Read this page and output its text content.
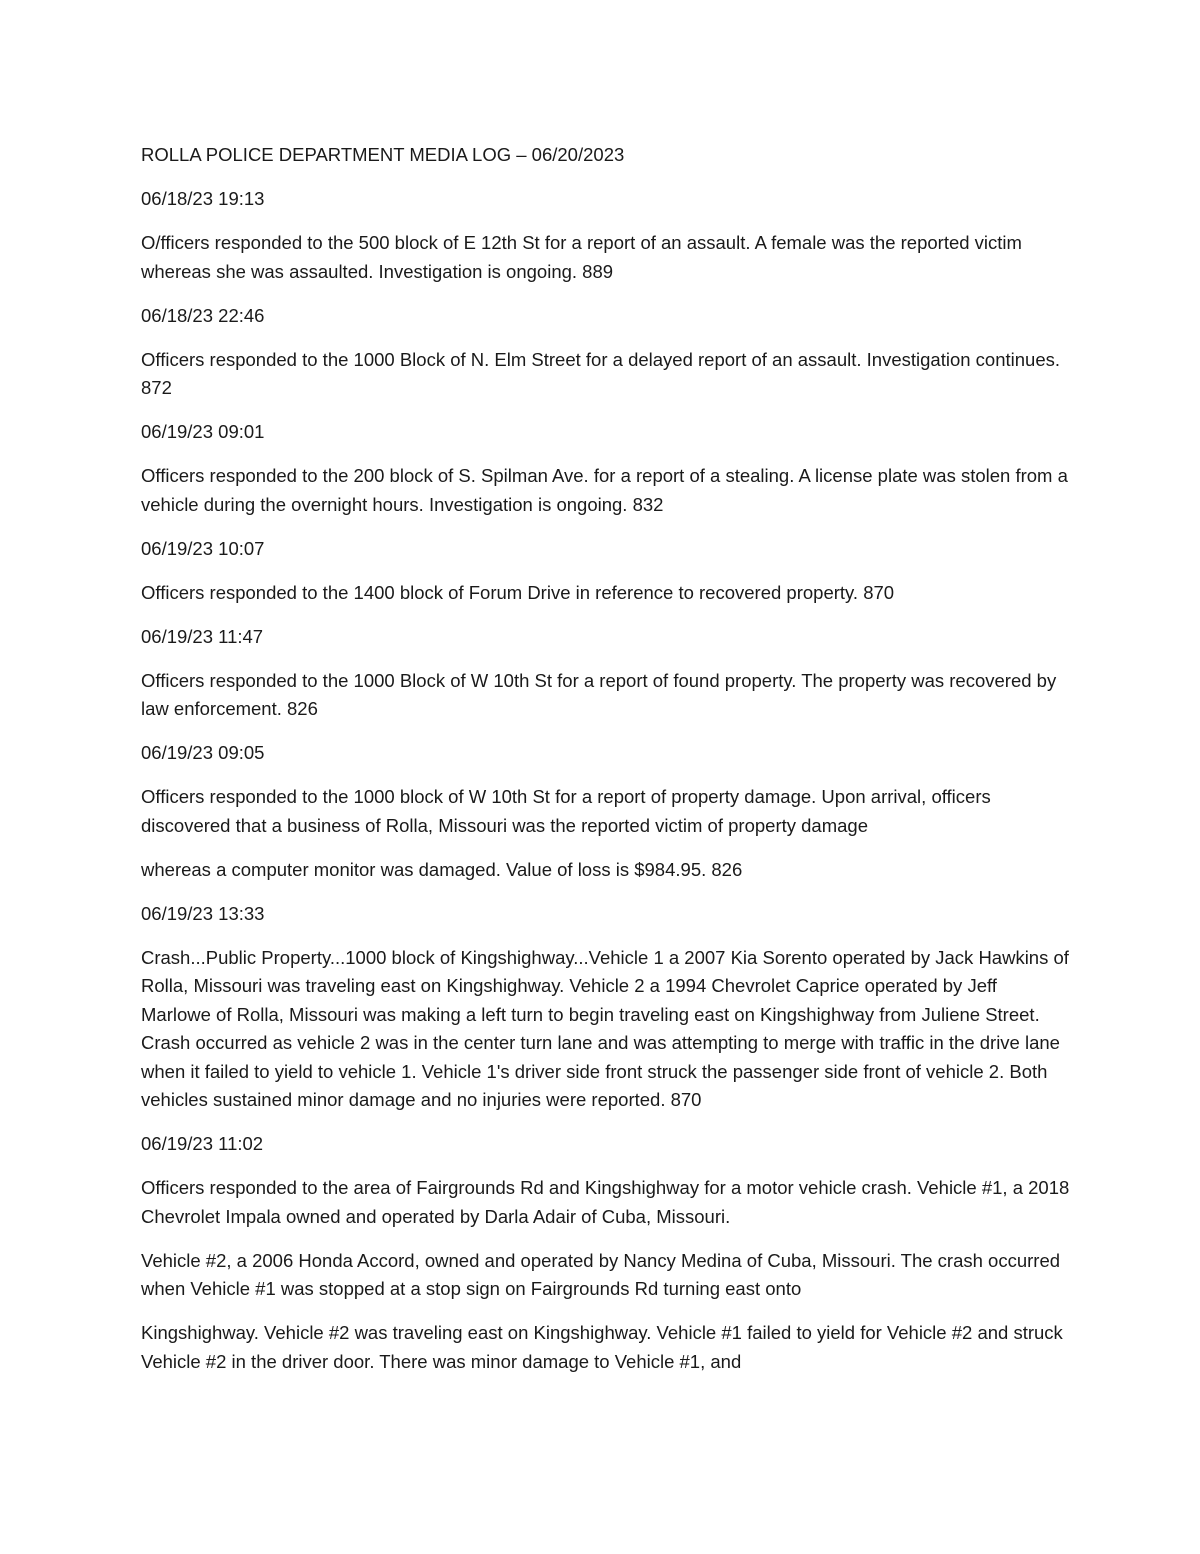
ROLLA POLICE DEPARTMENT MEDIA LOG – 06/20/2023

06/18/23 19:13

O/fficers responded to the 500 block of E 12th St for a report of an assault. A female was the reported victim whereas she was assaulted. Investigation is ongoing. 889

06/18/23 22:46

Officers responded to the 1000 Block of N. Elm Street for a delayed report of an assault. Investigation continues. 872

06/19/23 09:01

Officers responded to the 200 block of S. Spilman Ave. for a report of a stealing. A license plate was stolen from a vehicle during the overnight hours. Investigation is ongoing. 832

06/19/23 10:07

Officers responded to the 1400 block of Forum Drive in reference to recovered property. 870

06/19/23 11:47

Officers responded to the 1000 Block of W 10th St for a report of found property. The property was recovered by law enforcement. 826

06/19/23 09:05

Officers responded to the 1000 block of W 10th St for a report of property damage. Upon arrival, officers discovered that a business of Rolla, Missouri was the reported victim of property damage

whereas a computer monitor was damaged. Value of loss is $984.95. 826

06/19/23 13:33

Crash...Public Property...1000 block of Kingshighway...Vehicle 1 a 2007 Kia Sorento operated by Jack Hawkins of Rolla, Missouri was traveling east on Kingshighway. Vehicle 2 a 1994 Chevrolet Caprice operated by Jeff Marlowe of Rolla, Missouri was making a left turn to begin traveling east on Kingshighway from Juliene Street. Crash occurred as vehicle 2 was in the center turn lane and was attempting to merge with traffic in the drive lane when it failed to yield to vehicle 1. Vehicle 1's driver side front struck the passenger side front of vehicle 2. Both vehicles sustained minor damage and no injuries were reported. 870

06/19/23 11:02

Officers responded to the area of Fairgrounds Rd and Kingshighway for a motor vehicle crash. Vehicle #1, a 2018 Chevrolet Impala owned and operated by Darla Adair of Cuba, Missouri.

Vehicle #2, a 2006 Honda Accord, owned and operated by Nancy Medina of Cuba, Missouri. The crash occurred when Vehicle #1 was stopped at a stop sign on Fairgrounds Rd turning east onto

Kingshighway. Vehicle #2 was traveling east on Kingshighway. Vehicle #1 failed to yield for Vehicle #2 and struck Vehicle #2 in the driver door. There was minor damage to Vehicle #1, and
